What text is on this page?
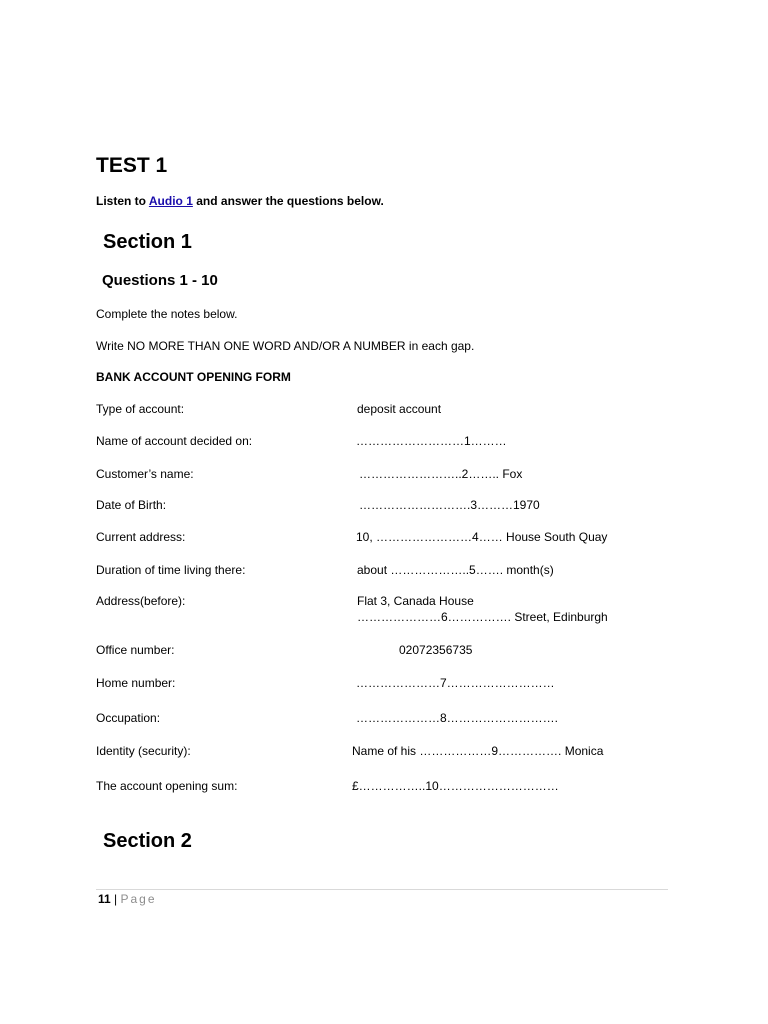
TEST 1
Listen to Audio 1 and answer the questions below.
Section 1
Questions 1 - 10
Complete the notes below.
Write NO MORE THAN ONE WORD AND/OR A NUMBER in each gap.
BANK ACCOUNT OPENING FORM
Type of account:	deposit account
Name of account decided on:	………………………1………
Customer’s name:	……………………..2…….. Fox
Date of Birth:	……………………….3………1970
Current address:	10, ……………………4…… House South Quay
Duration of time living there:	about ………………..5……. month(s)
Address(before):	Flat 3, Canada House
…………………6……………. Street, Edinburgh
Office number:	02072356735
Home number:	…………………7………………………
Occupation:	…………………8……………………….
Identity (security):	Name of his ………………9……………. Monica
The account opening sum:	£……………..10…………………………
Section 2
11 | Page
